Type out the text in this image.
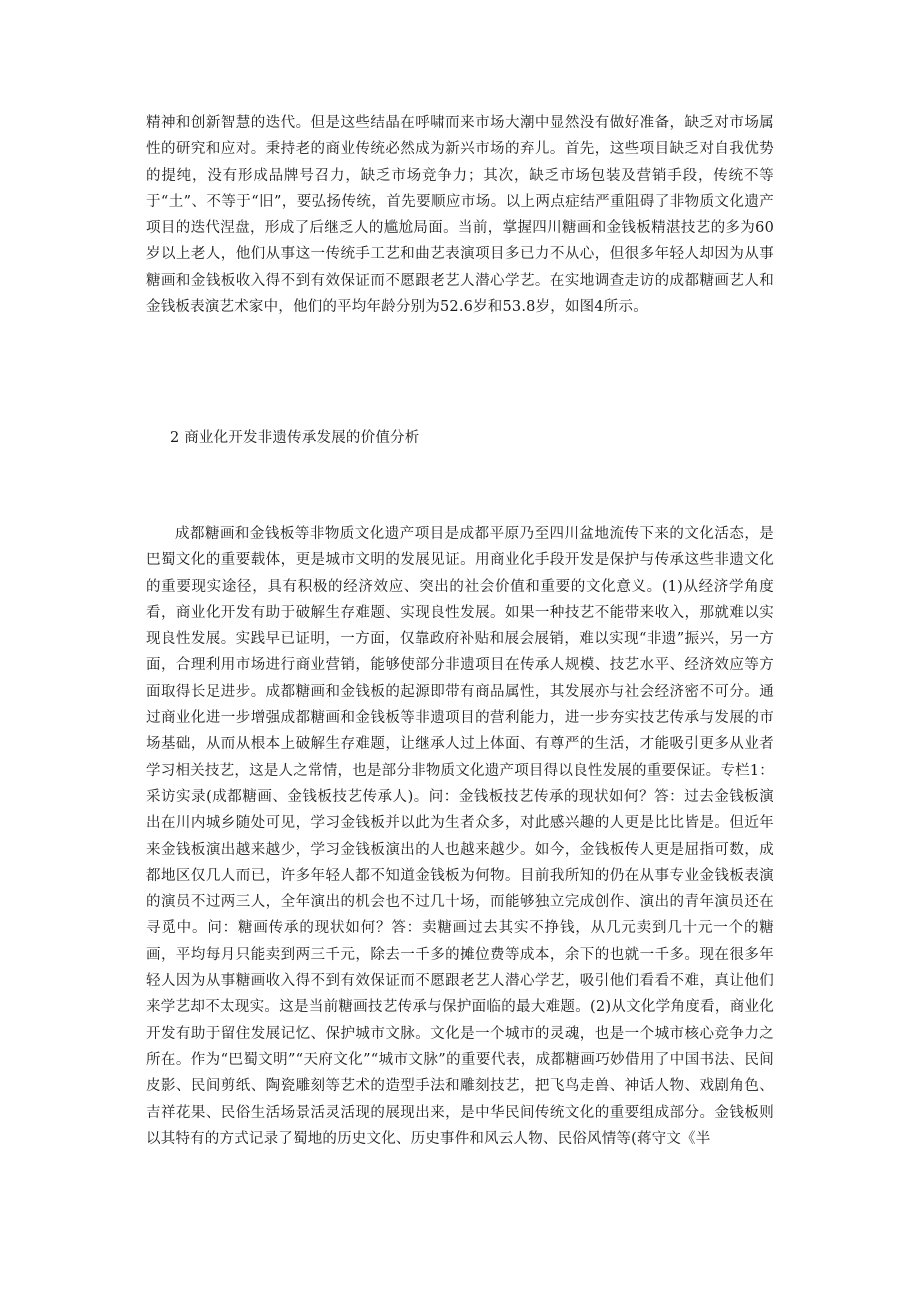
精神和创新智慧的迭代。但是这些结晶在呼啸而来市场大潮中显然没有做好准备，缺乏对市场属性的研究和应对。秉持老的商业传统必然成为新兴市场的弃儿。首先，这些项目缺乏对自我优势的提纯，没有形成品牌号召力，缺乏市场竞争力；其次，缺乏市场包装及营销手段，传统不等于“土”、不等于“旧”，要弘扬传统，首先要顺应市场。以上两点症结严重阻碍了非物质文化遗产项目的迭代涅盘，形成了后继乏人的尴尬局面。当前，掌握四川糖画和金钱板精湛技艺的多为60岁以上老人，他们从事这一传统手工艺和曲艺表演项目多已力不从心，但很多年轻人却因为从事糖画和金钱板收入得不到有效保证而不愿跟老艺人潜心学艺。在实地调查走访的成都糖画艺人和金钱板表演艺术家中，他们的平均年龄分别为52.6岁和53.8岁，如图4所示。

2 商业化开发非遗传承发展的价值分析

成都糖画和金钱板等非物质文化遗产项目是成都平原乃至四川盆地流传下来的文化活态，是巴蜀文化的重要载体，更是城市文明的发展见证。用商业化手段开发是保护与传承这些非遗文化的重要现实途径，具有积极的经济效应、突出的社会价值和重要的文化意义。(1)从经济学角度看，商业化开发有助于破解生存难题、实现良性发展。如果一种技艺不能带来收入，那就难以实现良性发展。实践早已证明，一方面，仅靠政府补贴和展会展销，难以实现“非遗”振兴，另一方面，合理利用市场进行商业营销，能够使部分非遗项目在传承人规模、技艺水平、经济效应等方面取得长足进步。成都糖画和金钱板的起源即带有商品属性，其发展亦与社会经济密不可分。通过商业化进一步增强成都糖画和金钱板等非遗项目的营利能力，进一步夯实技艺传承与发展的市场基础，从而从根本上破解生存难题，让继承人过上体面、有尊严的生活，才能吸引更多从业者学习相关技艺，这是人之常情，也是部分非物质文化遗产项目得以良性发展的重要保证。专栏1：采访实录(成都糖画、金钱板技艺传承人)。问：金钱板技艺传承的现状如何？答：过去金钱板演出在川内城乡随处可见，学习金钱板并以此为生者众多，对此感兴趣的人更是比比皆是。但近年来金钱板演出越来越少，学习金钱板演出的人也越来越少。如今，金钱板传人更是屈指可数，成都地区仅几人而已，许多年轻人都不知道金钱板为何物。目前我所知的仍在从事专业金钱板表演的演员不过两三人，全年演出的机会也不过几十场，而能够独立完成创作、演出的青年演员还在寻觅中。问：糖画传承的现状如何？答：卖糖画过去其实不挣钱，从几元卖到几十元一个的糖画，平均每月只能卖到两三千元，除去一千多的摊位费等成本，余下的也就一千多。现在很多年轻人因为从事糖画收入得不到有效保证而不愿跟老艺人潜心学艺，吸引他们看看不难，真让他们来学艺却不太现实。这是当前糖画技艺传承与保护面临的最大难题。(2)从文化学角度看，商业化开发有助于留住发展记忆、保护城市文脉。文化是一个城市的灵魂，也是一个城市核心竞争力之所在。作为“巴蜀文明”“天府文化”“城市文脉”的重要代表，成都糖画巧妙借用了中国书法、民间皮影、民间剪纸、陶瓷雕刻等艺术的造型手法和雕刻技艺，把飞鸟走兽、神话人物、戏剧角色、吉祥花果、民俗生活场景活灵活现的展现出来，是中华民间传统文化的重要组成部分。金钱板则以其特有的方式记录了蜀地的历史文化、历史事件和风云人物、民俗风情等(蒋守文《半
